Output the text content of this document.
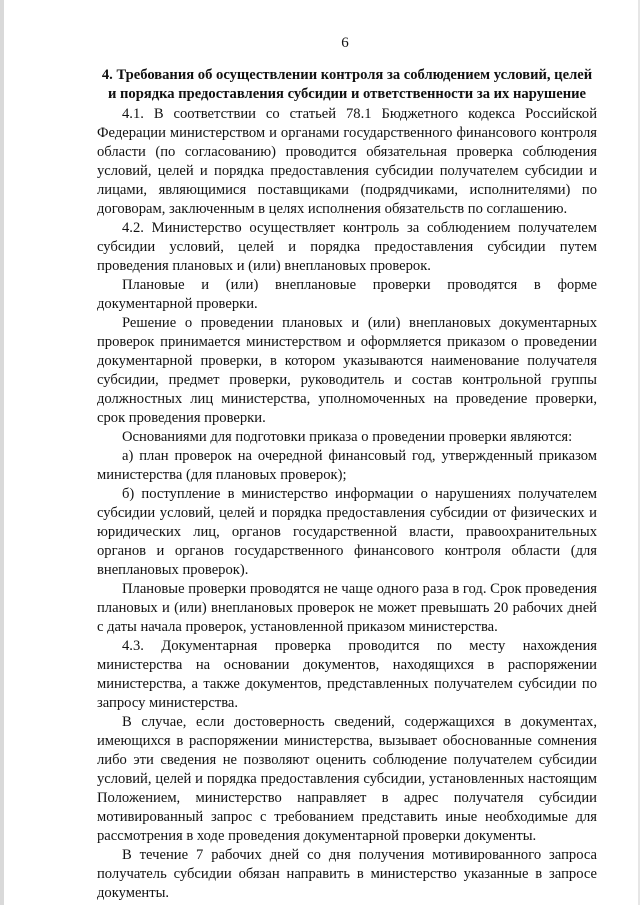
6
4. Требования об осуществлении контроля за соблюдением условий, целей и порядка предоставления субсидии и ответственности за их нарушение

4.1. В соответствии со статьей 78.1 Бюджетного кодекса Российской Федерации министерством и органами государственного финансового контроля области (по согласованию) проводится обязательная проверка соблюдения условий, целей и порядка предоставления субсидии получателем субсидии и лицами, являющимися поставщиками (подрядчиками, исполнителями) по договорам, заключенным в целях исполнения обязательств по соглашению.

4.2. Министерство осуществляет контроль за соблюдением получателем субсидии условий, целей и порядка предоставления субсидии путем проведения плановых и (или) внеплановых проверок.

Плановые и (или) внеплановые проверки проводятся в форме документарной проверки.

Решение о проведении плановых и (или) внеплановых документарных проверок принимается министерством и оформляется приказом о проведении документарной проверки, в котором указываются наименование получателя субсидии, предмет проверки, руководитель и состав контрольной группы должностных лиц министерства, уполномоченных на проведение проверки, срок проведения проверки.

Основаниями для подготовки приказа о проведении проверки являются:

а) план проверок на очередной финансовый год, утвержденный приказом министерства (для плановых проверок);

б) поступление в министерство информации о нарушениях получателем субсидии условий, целей и порядка предоставления субсидии от физических и юридических лиц, органов государственной власти, правоохранительных органов и органов государственного финансового контроля области (для внеплановых проверок).

Плановые проверки проводятся не чаще одного раза в год. Срок проведения плановых и (или) внеплановых проверок не может превышать 20 рабочих дней с даты начала проверок, установленной приказом министерства.

4.3. Документарная проверка проводится по месту нахождения министерства на основании документов, находящихся в распоряжении министерства, а также документов, представленных получателем субсидии по запросу министерства.

В случае, если достоверность сведений, содержащихся в документах, имеющихся в распоряжении министерства, вызывает обоснованные сомнения либо эти сведения не позволяют оценить соблюдение получателем субсидии условий, целей и порядка предоставления субсидии, установленных настоящим Положением, министерство направляет в адрес получателя субсидии мотивированный запрос с требованием представить иные необходимые для рассмотрения в ходе проведения документарной проверки документы.

В течение 7 рабочих дней со дня получения мотивированного запроса получатель субсидии обязан направить в министерство указанные в запросе документы.
